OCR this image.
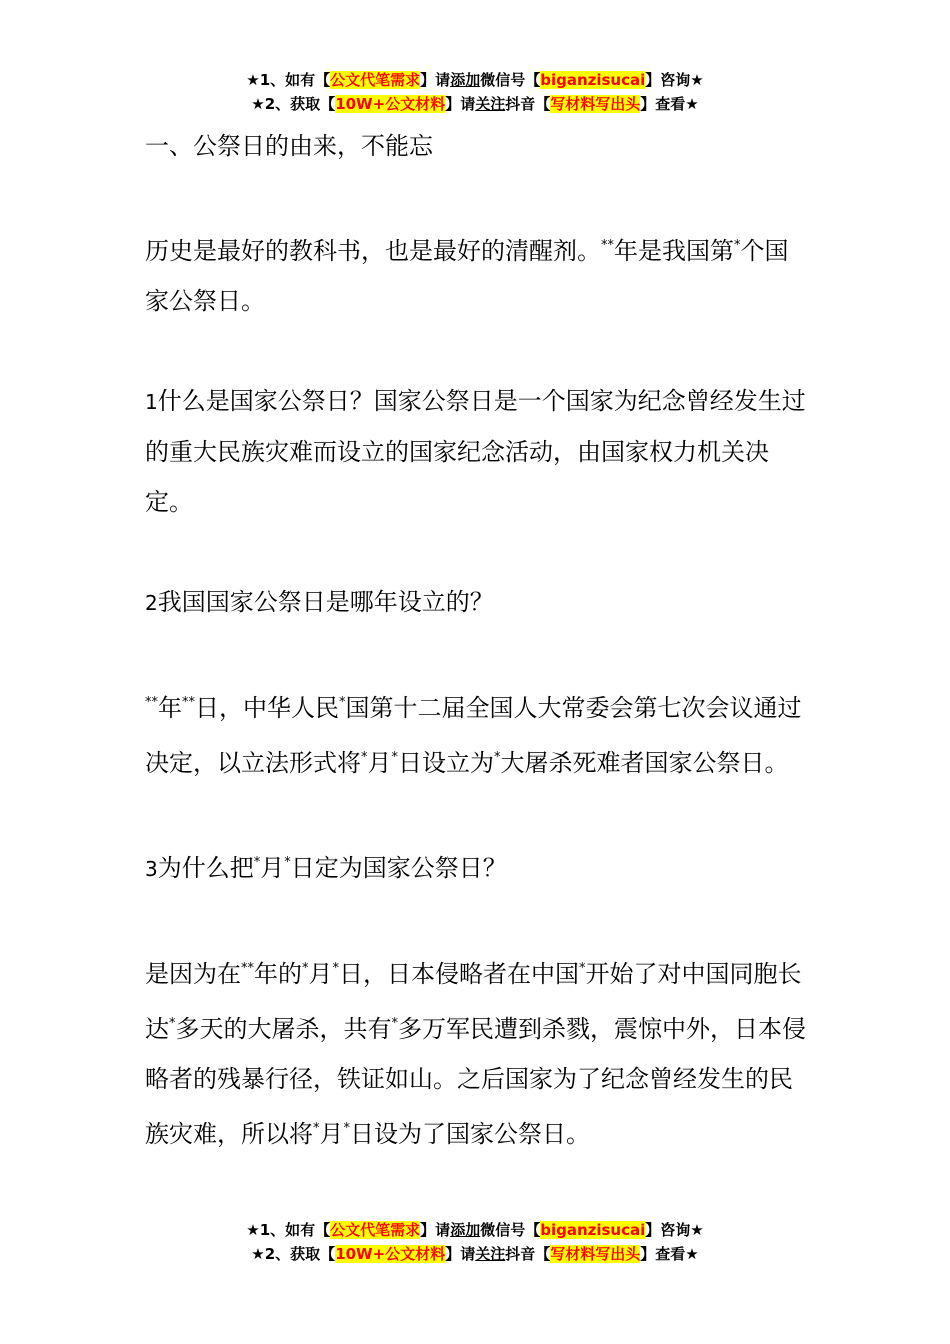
★1、如有【公文代笔需求】请添加微信号【biganzisucai】咨询★
★2、获取【10W+公文材料】请关注抖音【写材料写出头】查看★

一、公祭日的由来，不能忘

历史是最好的教科书，也是最好的清醒剂。**年是我国第*个国家公祭日。

1什么是国家公祭日？国家公祭日是一个国家为纪念曾经发生过的重大民族灾难而设立的国家纪念活动，由国家权力机关决定。

2我国国家公祭日是哪年设立的？

**年**日，中华人民*国第十二届全国人大常委会第七次会议通过决定，以立法形式将*月*日设立为*大屠杀死难者国家公祭日。

3为什么把*月*日定为国家公祭日？

是因为在**年的*月*日，日本侵略者在中国*开始了对中国同胞长达*多天的大屠杀，共有*多万军民遭到杀戮，震惊中外，日本侵略者的残暴行径，铁证如山。之后国家为了纪念曾经发生的民族灾难，所以将*月*日设为了国家公祭日。

★1、如有【公文代笔需求】请添加微信号【biganzisucai】咨询★
★2、获取【10W+公文材料】请关注抖音【写材料写出头】查看★
